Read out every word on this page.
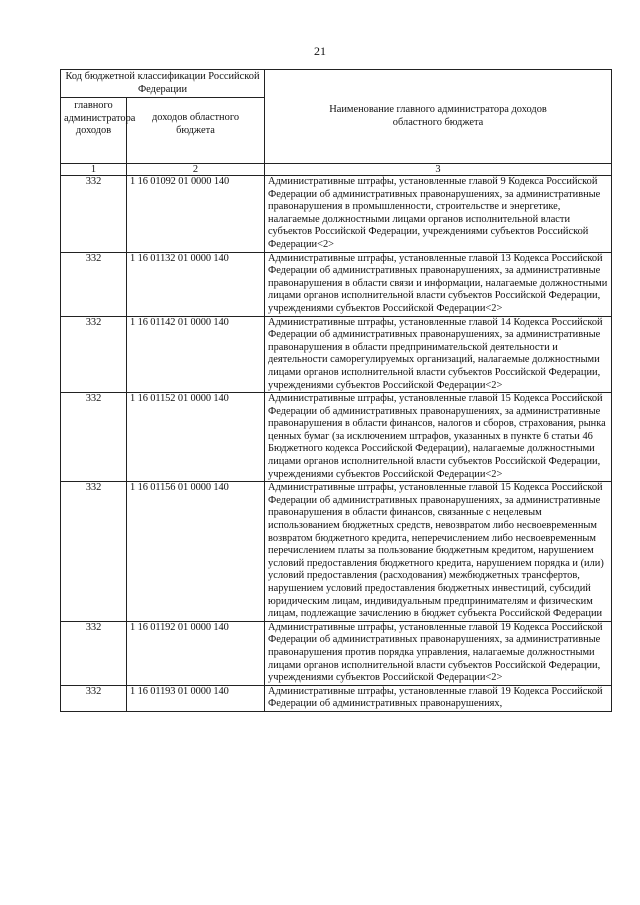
21
Код бюджетной классификации Российской Федерации		Наименование главного администратора доходов областного бюджета

главного администратора доходов	доходов областного бюджета	

1	2	3
332	1 16 01092 01 0000 140	Административные штрафы, установленные главой 9 Кодекса Российской Федерации об административных правонарушениях, за административные правонарушения в промышленности, строительстве и энергетике, налагаемые должностными лицами органов исполнительной власти субъектов Российской Федерации, учреждениями субъектов Российской Федерации<2>
332	1 16 01132 01 0000 140	Административные штрафы, установленные главой 13 Кодекса Российской Федерации об административных правонарушениях, за административные правонарушения в области связи и информации, налагаемые должностными лицами органов исполнительной власти субъектов Российской Федерации, учреждениями субъектов Российской Федерации<2>
332	1 16 01142 01 0000 140	Административные штрафы, установленные главой 14 Кодекса Российской Федерации об административных правонарушениях, за административные правонарушения в области предпринимательской деятельности и деятельности саморегулируемых организаций, налагаемые должностными лицами органов исполнительной власти субъектов Российской Федерации, учреждениями субъектов Российской Федерации<2>
332	1 16 01152 01 0000 140	Административные штрафы, установленные главой 15 Кодекса Российской Федерации об административных правонарушениях, за административные правонарушения в области финансов, налогов и сборов, страхования, рынка ценных бумаг (за исключением штрафов, указанных в пункте 6 статьи 46 Бюджетного кодекса Российской Федерации), налагаемые должностными лицами органов исполнительной власти субъектов Российской Федерации, учреждениями субъектов Российской Федерации<2>
332	1 16 01156 01 0000 140	Административные штрафы, установленные главой 15 Кодекса Российской Федерации об административных правонарушениях, за административные правонарушения в области финансов, связанные с нецелевым использованием бюджетных средств, невозвратом либо несвоевременным возвратом бюджетного кредита, неперечислением либо несвоевременным перечислением платы за пользование бюджетным кредитом, нарушением условий предоставления бюджетного кредита, нарушением порядка и (или) условий предоставления (расходования) межбюджетных трансфертов, нарушением условий предоставления бюджетных инвестиций, субсидий юридическим лицам, индивидуальным предпринимателям и физическим лицам, подлежащие зачислению в бюджет субъекта Российской Федерации
332	1 16 01192 01 0000 140	Административные штрафы, установленные главой 19 Кодекса Российской Федерации об административных правонарушениях, за административные правонарушения против порядка управления, налагаемые должностными лицами органов исполнительной власти субъектов Российской Федерации, учреждениями субъектов Российской Федерации<2>
332	1 16 01193 01 0000 140	Административные штрафы, установленные главой 19 Кодекса Российской Федерации об административных правонарушениях,
